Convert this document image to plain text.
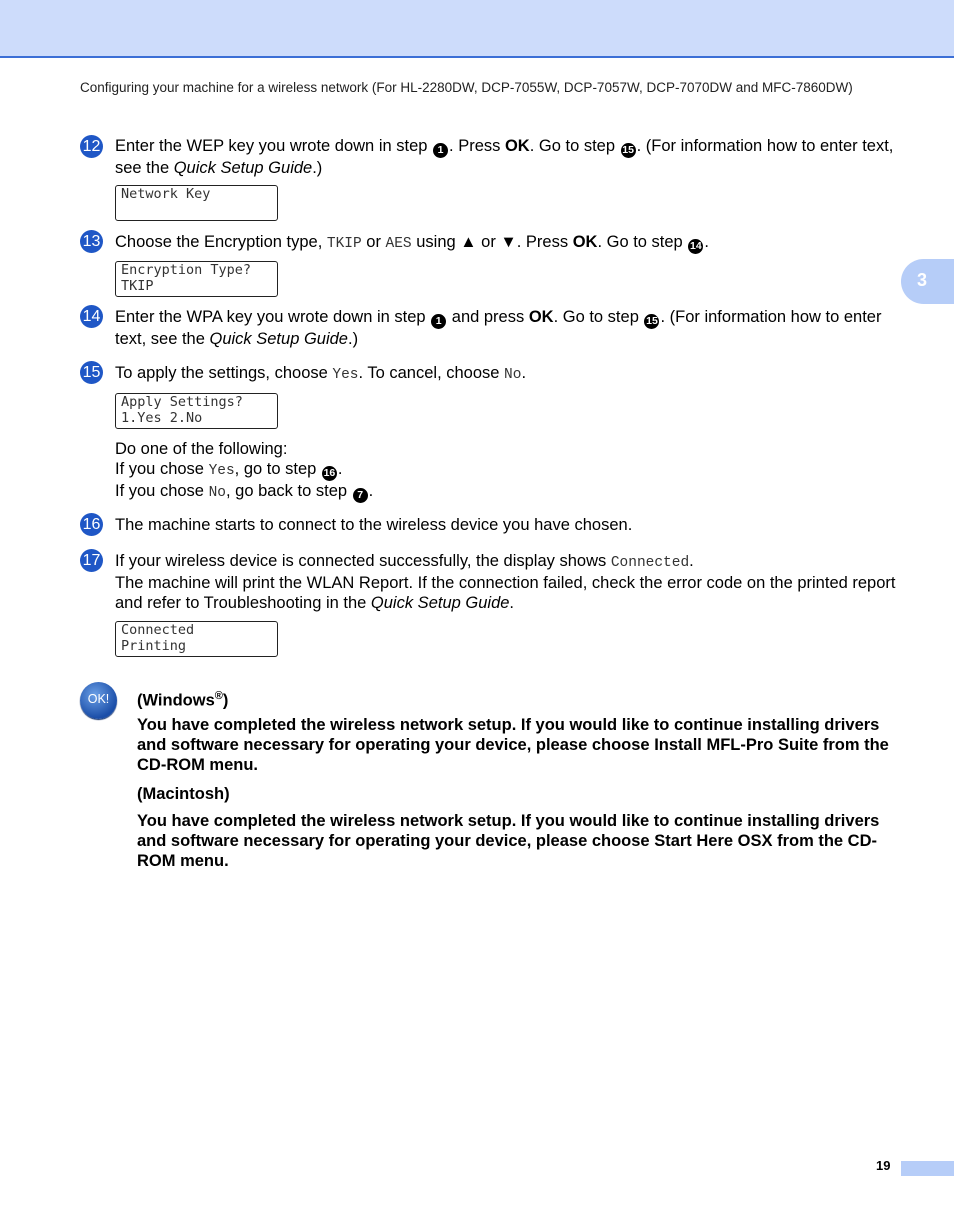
Configuring your machine for a wireless network (For HL-2280DW, DCP-7055W, DCP-7057W, DCP-7070DW and MFC-7860DW)
3
12 Enter the WEP key you wrote down in step 1 . Press OK. Go to step 15 . (For information how to enter text, see the Quick Setup Guide.)
Network Key
13 Choose the Encryption type, TKIP or AES using ▲ or ▼. Press OK. Go to step 14 .
Encryption Type?
TKIP
14 Enter the WPA key you wrote down in step 1 and press OK. Go to step 15 . (For information how to enter text, see the Quick Setup Guide.)
15 To apply the settings, choose Yes. To cancel, choose No.
Apply Settings?
1.Yes 2.No
Do one of the following:
If you chose Yes, go to step 16 .
If you chose No, go back to step 7 .
16 The machine starts to connect to the wireless device you have chosen.
17 If your wireless device is connected successfully, the display shows Connected.
The machine will print the WLAN Report. If the connection failed, check the error code on the printed report and refer to Troubleshooting in the Quick Setup Guide.
Connected
Printing
OK!	(Windows®)
You have completed the wireless network setup. If you would like to continue installing drivers and software necessary for operating your device, please choose Install MFL-Pro Suite from the CD-ROM menu.
(Macintosh)
You have completed the wireless network setup. If you would like to continue installing drivers and software necessary for operating your device, please choose Start Here OSX from the CD-ROM menu.
19
